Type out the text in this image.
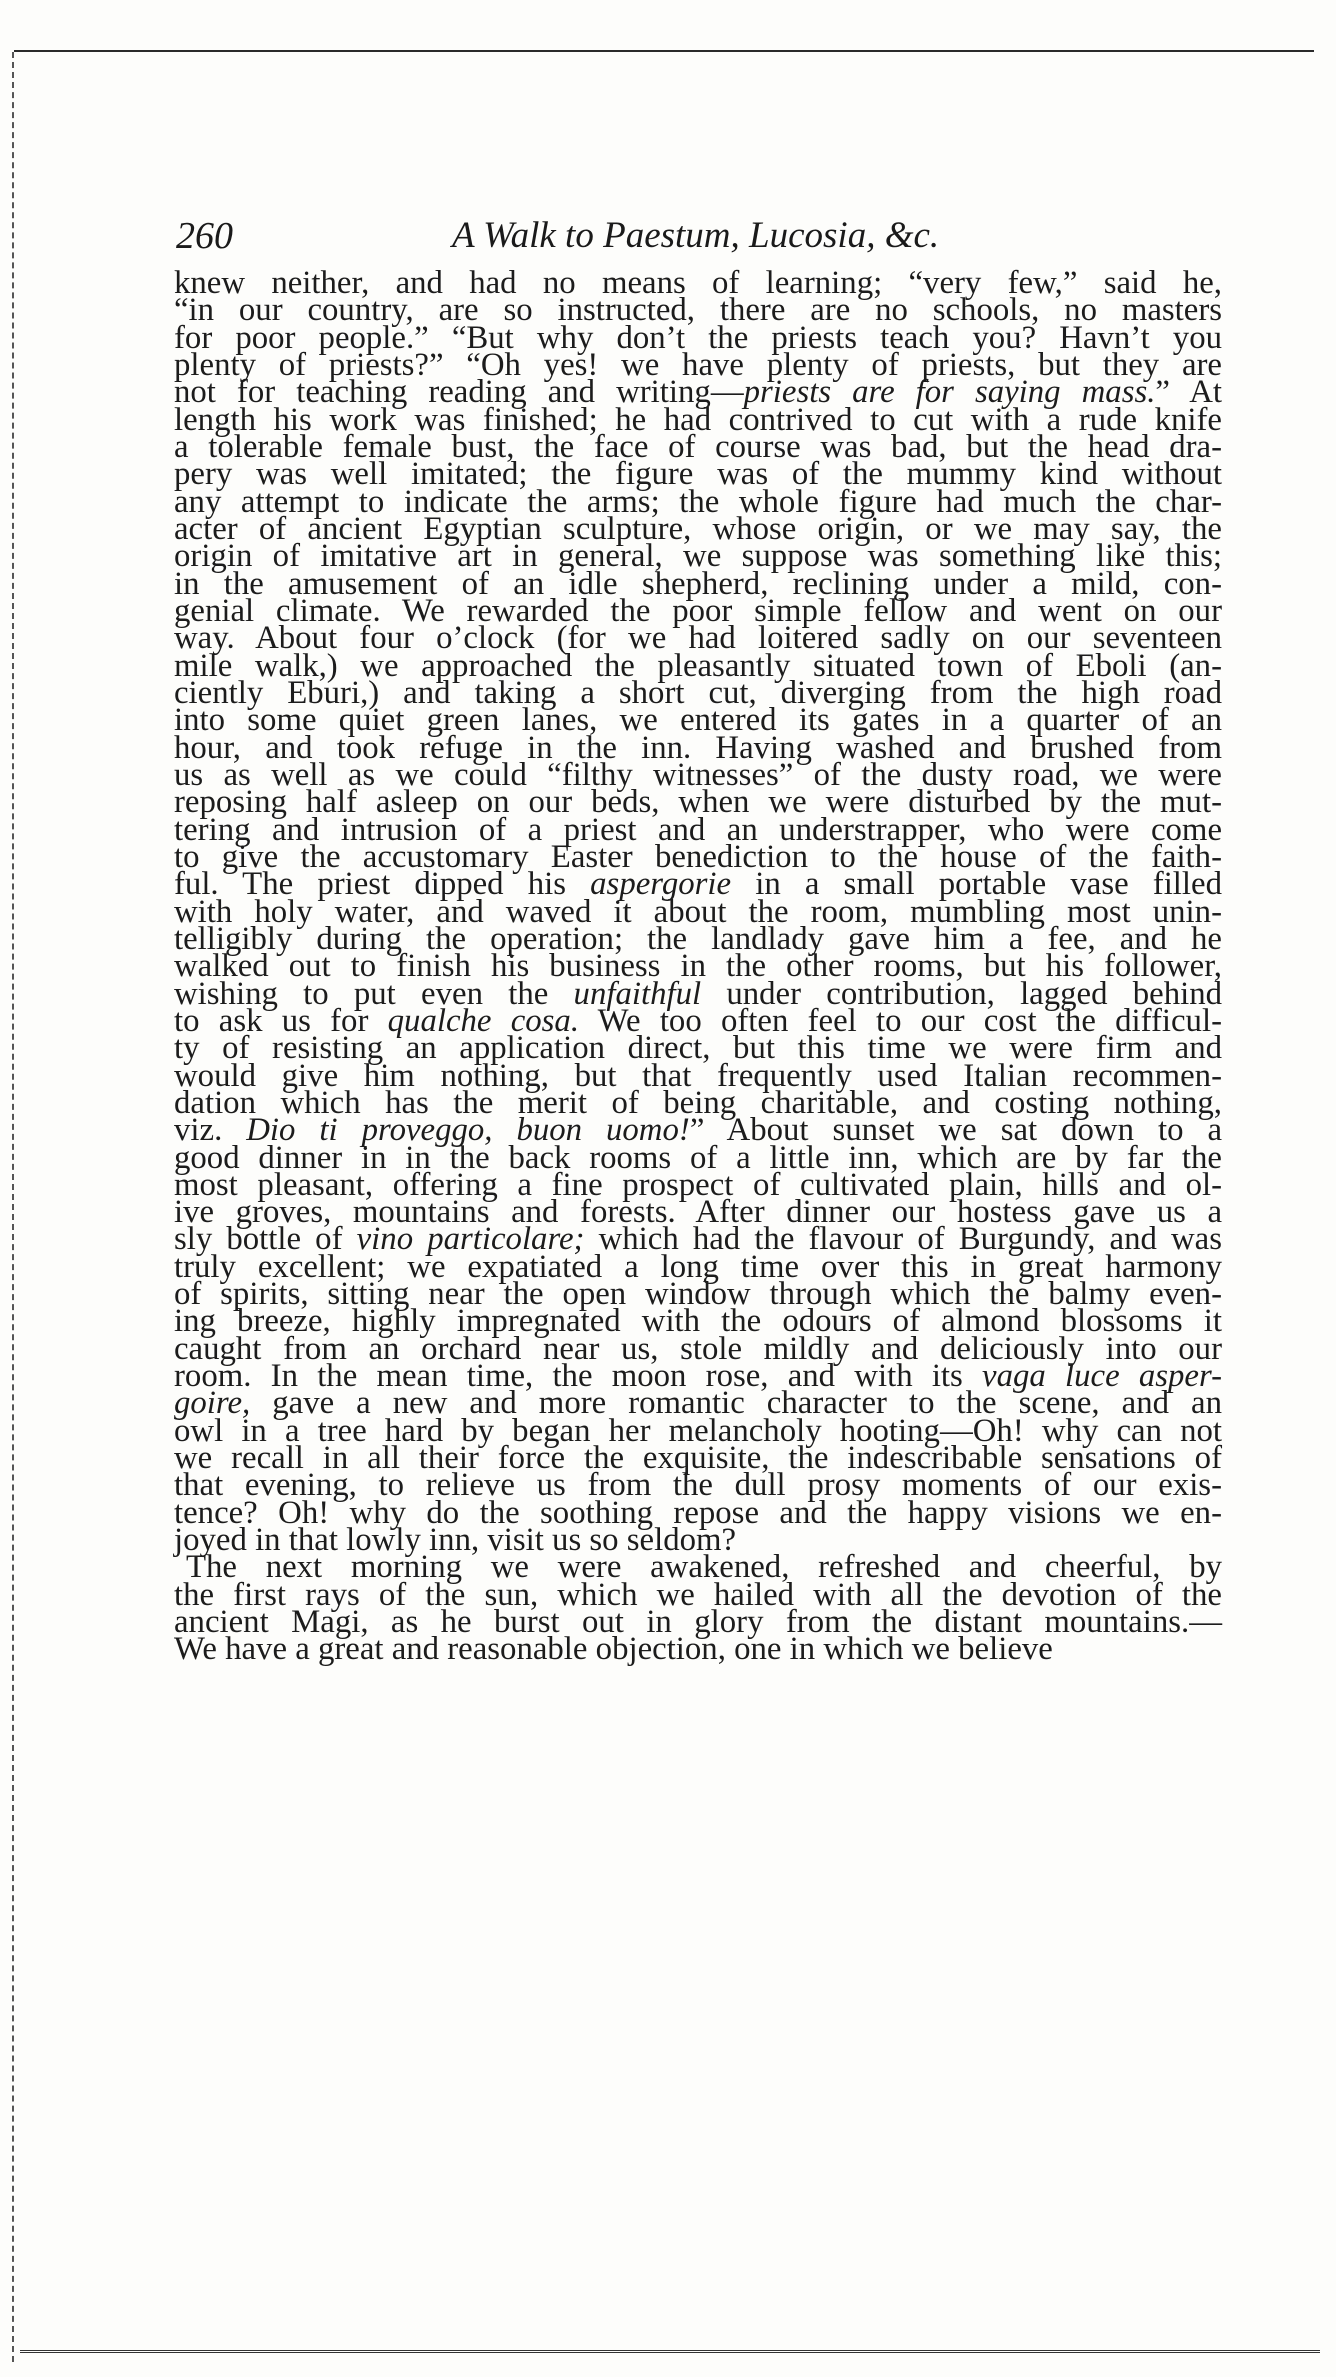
260	A Walk to Paestum, Lucosia, &c.
knew neither, and had no means of learning; “very few,” said he,
“in our country, are so instructed, there are no schools, no masters
for poor people.” “But why don’t the priests teach you? Havn’t you
plenty of priests?” “Oh yes! we have plenty of priests, but they are
not for teaching reading and writing—priests are for saying mass.” At
length his work was finished; he had contrived to cut with a rude knife
a tolerable female bust, the face of course was bad, but the head dra-
pery was well imitated; the figure was of the mummy kind without
any attempt to indicate the arms; the whole figure had much the char-
acter of ancient Egyptian sculpture, whose origin, or we may say, the
origin of imitative art in general, we suppose was something like this;
in the amusement of an idle shepherd, reclining under a mild, con-
genial climate. We rewarded the poor simple fellow and went on our
way. About four o’clock (for we had loitered sadly on our seventeen
mile walk,) we approached the pleasantly situated town of Eboli (an-
ciently Eburi,) and taking a short cut, diverging from the high road
into some quiet green lanes, we entered its gates in a quarter of an
hour, and took refuge in the inn. Having washed and brushed from
us as well as we could “filthy witnesses” of the dusty road, we were
reposing half asleep on our beds, when we were disturbed by the mut-
tering and intrusion of a priest and an understrapper, who were come
to give the accustomary Easter benediction to the house of the faith-
ful. The priest dipped his aspergorie in a small portable vase filled
with holy water, and waved it about the room, mumbling most unin-
telligibly during the operation; the landlady gave him a fee, and he
walked out to finish his business in the other rooms, but his follower,
wishing to put even the unfaithful under contribution, lagged behind
to ask us for qualche cosa. We too often feel to our cost the difficul-
ty of resisting an application direct, but this time we were firm and
would give him nothing, but that frequently used Italian recommen-
dation which has the merit of being charitable, and costing nothing,
viz. Dio ti proveggo, buon uomo!” About sunset we sat down to a
good dinner in in the back rooms of a little inn, which are by far the
most pleasant, offering a fine prospect of cultivated plain, hills and ol-
ive groves, mountains and forests. After dinner our hostess gave us a
sly bottle of vino particolare; which had the flavour of Burgundy, and was
truly excellent; we expatiated a long time over this in great harmony
of spirits, sitting near the open window through which the balmy even-
ing breeze, highly impregnated with the odours of almond blossoms it
caught from an orchard near us, stole mildly and deliciously into our
room. In the mean time, the moon rose, and with its vaga luce asper-
goire, gave a new and more romantic character to the scene, and an
owl in a tree hard by began her melancholy hooting—Oh! why can not
we recall in all their force the exquisite, the indescribable sensations of
that evening, to relieve us from the dull prosy moments of our exis-
tence? Oh! why do the soothing repose and the happy visions we en-
joyed in that lowly inn, visit us so seldom?
The next morning we were awakened, refreshed and cheerful, by
the first rays of the sun, which we hailed with all the devotion of the
ancient Magi, as he burst out in glory from the distant mountains.—
We have a great and reasonable objection, one in which we believe
